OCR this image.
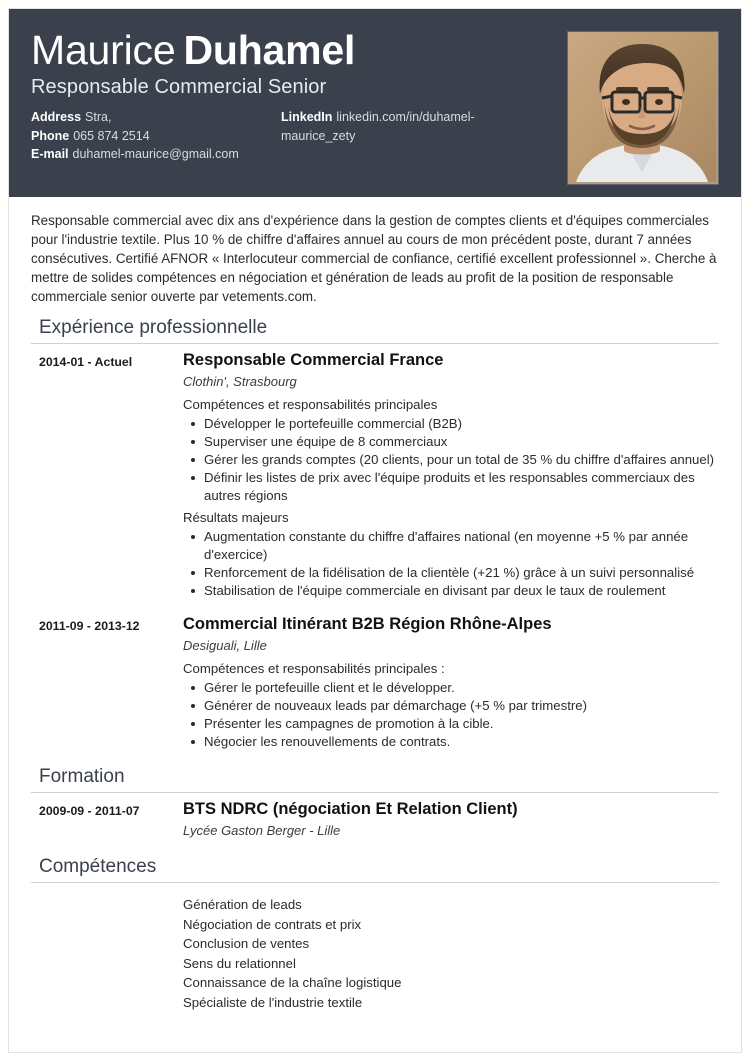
Maurice Duhamel
Responsable Commercial Senior
Address Stra,
Phone 065 874 2514
E-mail duhamel-maurice@gmail.com
LinkedIn linkedin.com/in/duhamel-maurice_zety

Responsable commercial avec dix ans d'expérience dans la gestion de comptes clients et d'équipes commerciales pour l'industrie textile. Plus 10 % de chiffre d'affaires annuel au cours de mon précédent poste, durant 7 années consécutives. Certifié AFNOR « Interlocuteur commercial de confiance, certifié excellent professionnel ». Cherche à mettre de solides compétences en négociation et génération de leads au profit de la position de responsable commerciale senior ouverte par vetements.com.

Expérience professionnelle
2014-01 - Actuel	Responsable Commercial France
Clothin', Strasbourg
Compétences et responsabilités principales
Développer le portefeuille commercial (B2B)
Superviser une équipe de 8 commerciaux
Gérer les grands comptes (20 clients, pour un total de 35 % du chiffre d'affaires annuel)
Définir les listes de prix avec l'équipe produits et les responsables commerciaux des autres régions
Résultats majeurs
Augmentation constante du chiffre d'affaires national (en moyenne +5 % par année d'exercice)
Renforcement de la fidélisation de la clientèle (+21 %) grâce à un suivi personnalisé
Stabilisation de l'équipe commerciale en divisant par deux le taux de roulement
2011-09 - 2013-12	Commercial Itinérant B2B Région Rhône-Alpes
Desiguali, Lille
Compétences et responsabilités principales :
Gérer le portefeuille client et le développer.
Générer de nouveaux leads par démarchage (+5 % par trimestre)
Présenter les campagnes de promotion à la cible.
Négocier les renouvellements de contrats.
Formation
2009-09 - 2011-07	BTS NDRC (négociation Et Relation Client)
Lycée Gaston Berger - Lille
Compétences
Génération de leads
Négociation de contrats et prix
Conclusion de ventes
Sens du relationnel
Connaissance de la chaîne logistique
Spécialiste de l'industrie textile
